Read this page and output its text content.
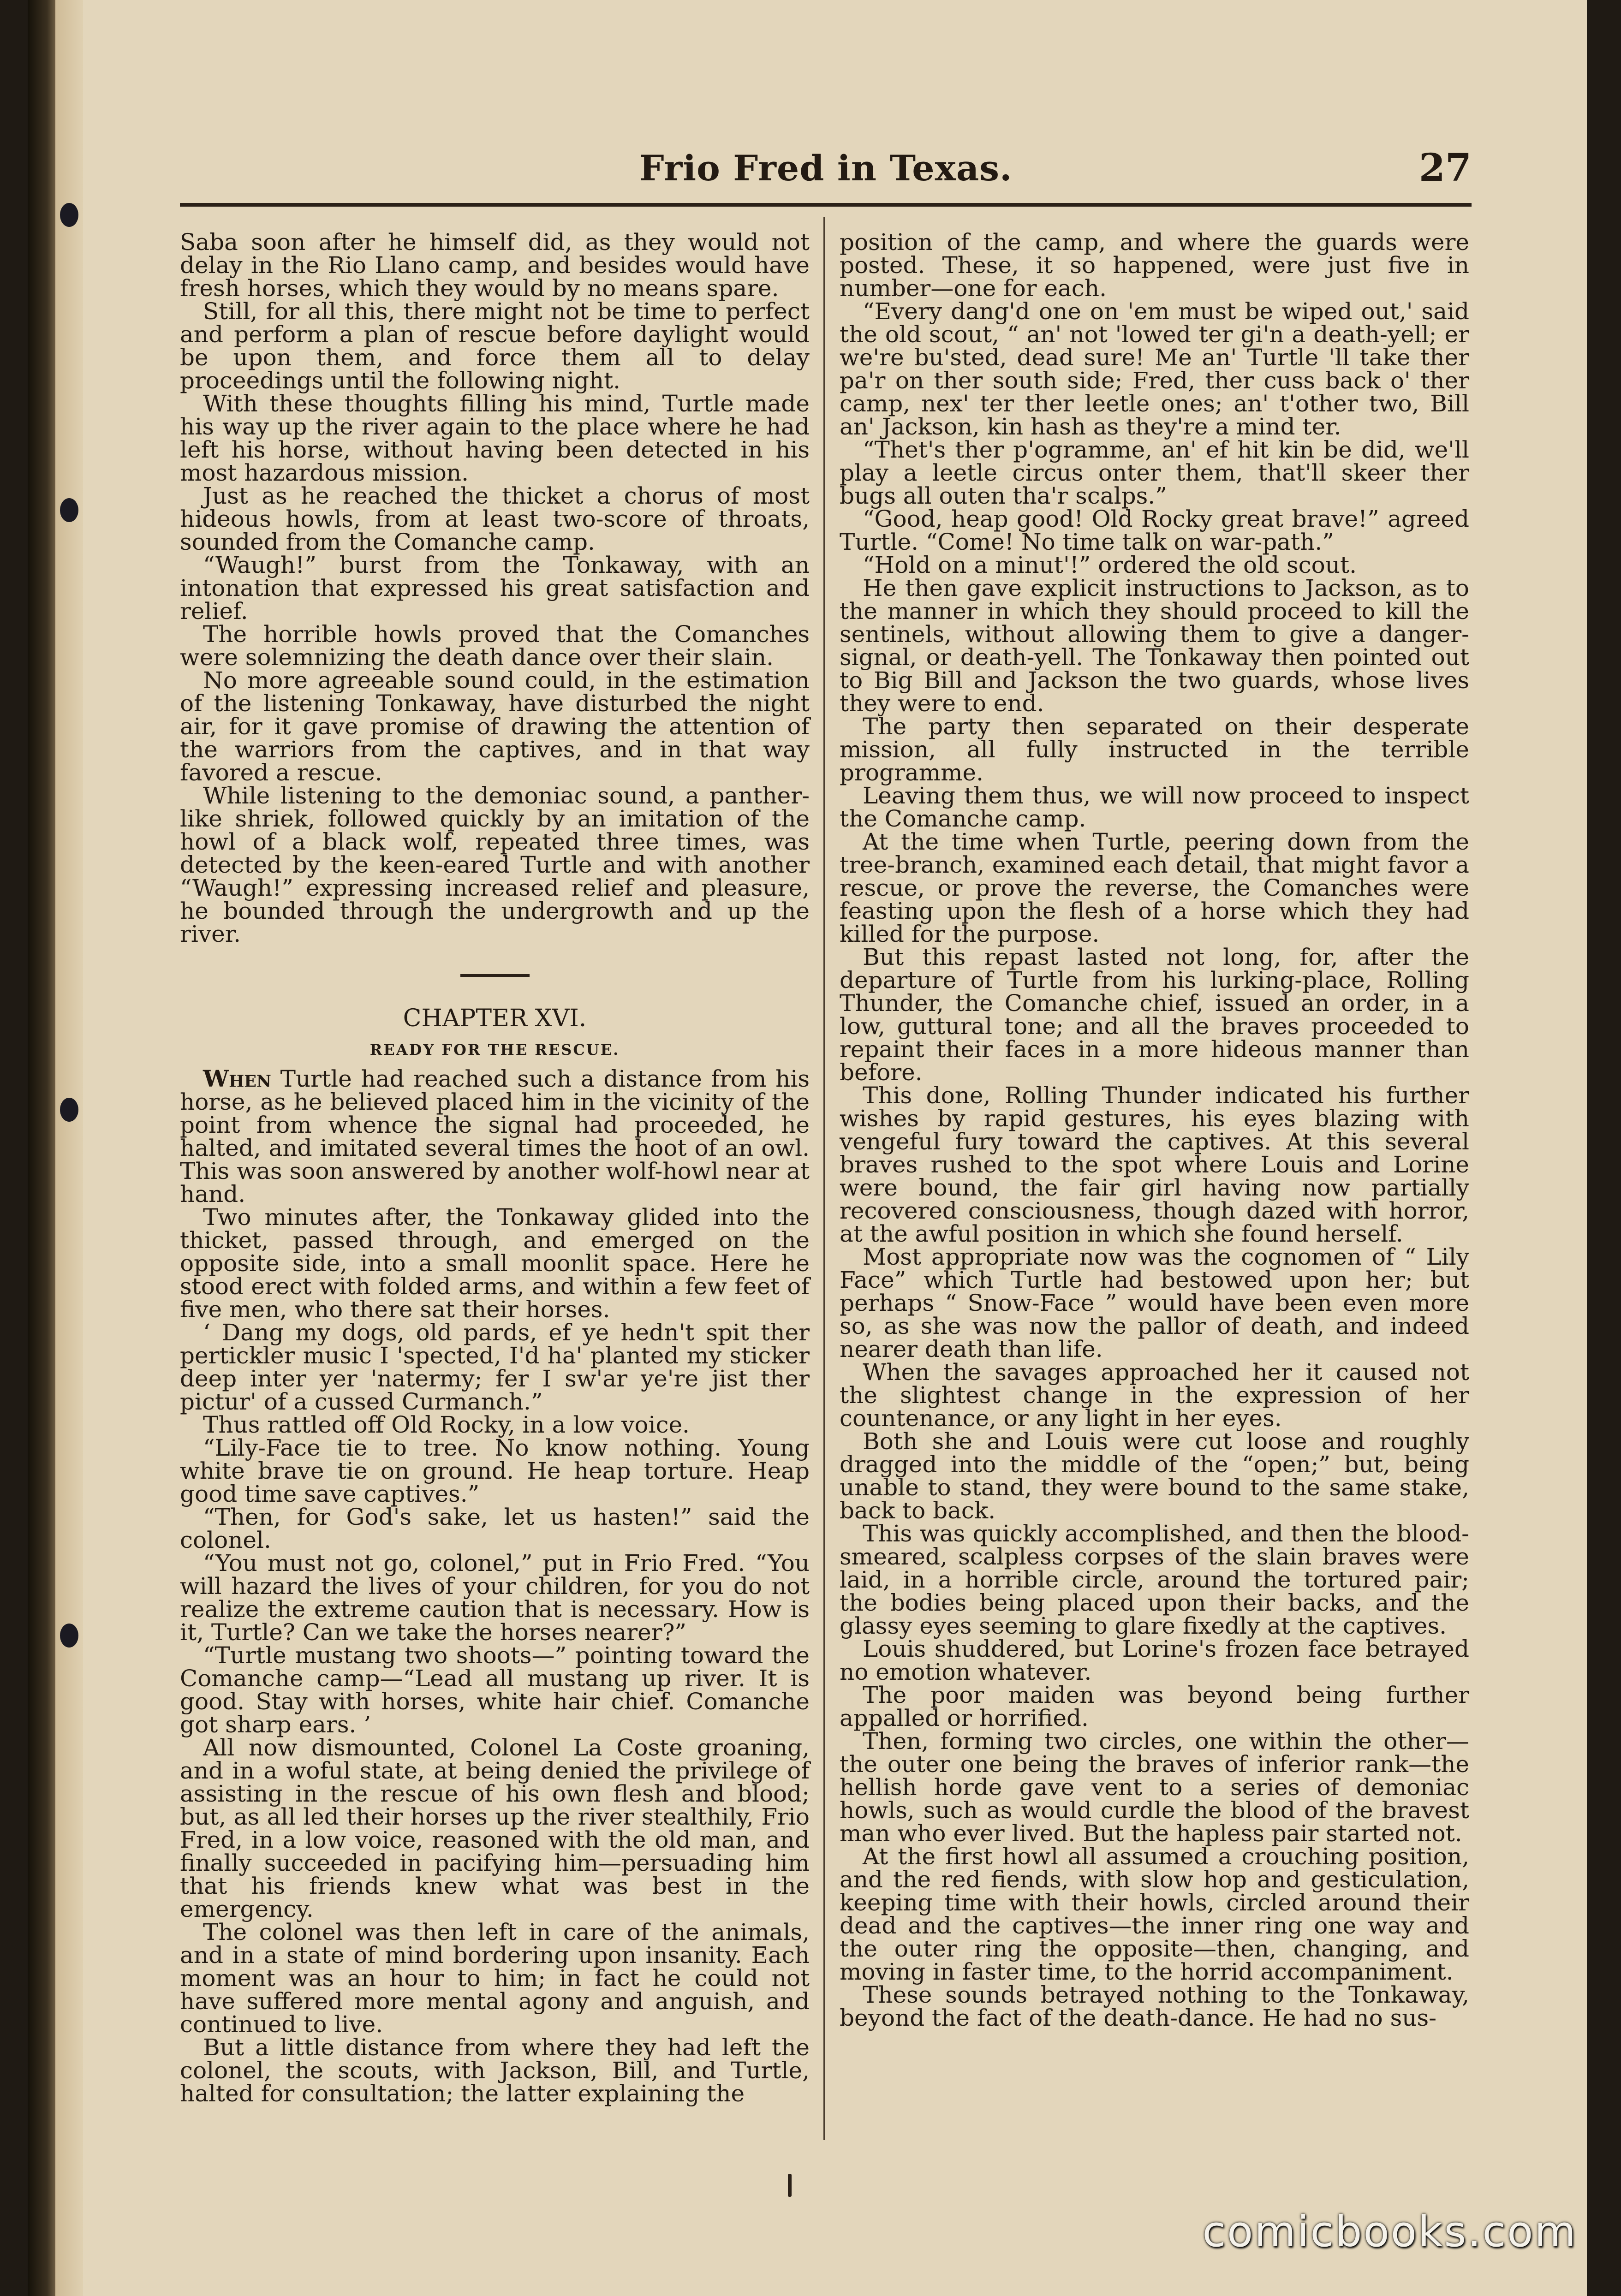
Frio Fred in Texas.	27

Saba soon after he himself did, as they would not delay in the Rio Llano camp, and besides would have fresh horses, which they would by no means spare.

Still, for all this, there might not be time to perfect and perform a plan of rescue before daylight would be upon them, and force them all to delay proceedings until the following night.

With these thoughts filling his mind, Turtle made his way up the river again to the place where he had left his horse, without having been detected in his most hazardous mission.

Just as he reached the thicket a chorus of most hideous howls, from at least two-score of throats, sounded from the Comanche camp.

“Waugh!” burst from the Tonkaway, with an intonation that expressed his great satisfaction and relief.

The horrible howls proved that the Comanches were solemnizing the death dance over their slain.

No more agreeable sound could, in the estimation of the listening Tonkaway, have disturbed the night air, for it gave promise of drawing the attention of the warriors from the captives, and in that way favored a rescue.

While listening to the demoniac sound, a panther-like shriek, followed quickly by an imitation of the howl of a black wolf, repeated three times, was detected by the keen-eared Turtle and with another “Waugh!” expressing increased relief and pleasure, he bounded through the undergrowth and up the river.

CHAPTER XVI.
READY FOR THE RESCUE.

When Turtle had reached such a distance from his horse, as he believed placed him in the vicinity of the point from whence the signal had proceeded, he halted, and imitated several times the hoot of an owl. This was soon answered by another wolf-howl near at hand.

Two minutes after, the Tonkaway glided into the thicket, passed through, and emerged on the opposite side, into a small moonlit space. Here he stood erect with folded arms, and within a few feet of five men, who there sat their horses.

‘ Dang my dogs, old pards, ef ye hedn't spit ther pertickler music I 'spected, I'd ha' planted my sticker deep inter yer 'natermy; fer I sw'ar ye're jist ther pictur' of a cussed Curmanch.”

Thus rattled off Old Rocky, in a low voice.

“Lily-Face tie to tree. No know nothing. Young white brave tie on ground. He heap torture. Heap good time save captives.”

“Then, for God's sake, let us hasten!” said the colonel.

“You must not go, colonel,” put in Frio Fred. “You will hazard the lives of your children, for you do not realize the extreme caution that is necessary. How is it, Turtle? Can we take the horses nearer?”

“Turtle mustang two shoots—” pointing toward the Comanche camp—“Lead all mustang up river. It is good. Stay with horses, white hair chief. Comanche got sharp ears. ’

All now dismounted, Colonel La Coste groaning, and in a woful state, at being denied the privilege of assisting in the rescue of his own flesh and blood; but, as all led their horses up the river stealthily, Frio Fred, in a low voice, reasoned with the old man, and finally succeeded in pacifying him—persuading him that his friends knew what was best in the emergency.

The colonel was then left in care of the animals, and in a state of mind bordering upon insanity. Each moment was an hour to him; in fact he could not have suffered more mental agony and anguish, and continued to live.

But a little distance from where they had left the colonel, the scouts, with Jackson, Bill, and Turtle, halted for consultation; the latter explaining the

position of the camp, and where the guards were posted. These, it so happened, were just five in number—one for each.

“Every dang'd one on 'em must be wiped out,' said the old scout, “ an' not 'lowed ter gi'n a death-yell; er we're bu'sted, dead sure! Me an' Turtle 'll take ther pa'r on ther south side; Fred, ther cuss back o' ther camp, nex' ter ther leetle ones; an' t'other two, Bill an' Jackson, kin hash as they're a mind ter.

“Thet's ther p'ogramme, an' ef hit kin be did, we'll play a leetle circus onter them, that'll skeer ther bugs all outen tha'r scalps.”

“Good, heap good! Old Rocky great brave!” agreed Turtle. “Come! No time talk on war-path.”

“Hold on a minut'!” ordered the old scout.

He then gave explicit instructions to Jackson, as to the manner in which they should proceed to kill the sentinels, without allowing them to give a danger-signal, or death-yell. The Tonkaway then pointed out to Big Bill and Jackson the two guards, whose lives they were to end.

The party then separated on their desperate mission, all fully instructed in the terrible programme.

Leaving them thus, we will now proceed to inspect the Comanche camp.

At the time when Turtle, peering down from the tree-branch, examined each detail, that might favor a rescue, or prove the reverse, the Comanches were feasting upon the flesh of a horse which they had killed for the purpose.

But this repast lasted not long, for, after the departure of Turtle from his lurking-place, Rolling Thunder, the Comanche chief, issued an order, in a low, guttural tone; and all the braves proceeded to repaint their faces in a more hideous manner than before.

This done, Rolling Thunder indicated his further wishes by rapid gestures, his eyes blazing with vengeful fury toward the captives. At this several braves rushed to the spot where Louis and Lorine were bound, the fair girl having now partially recovered consciousness, though dazed with horror, at the awful position in which she found herself.

Most appropriate now was the cognomen of “ Lily Face” which Turtle had bestowed upon her; but perhaps “ Snow-Face ” would have been even more so, as she was now the pallor of death, and indeed nearer death than life.

When the savages approached her it caused not the slightest change in the expression of her countenance, or any light in her eyes.

Both she and Louis were cut loose and roughly dragged into the middle of the “open;” but, being unable to stand, they were bound to the same stake, back to back.

This was quickly accomplished, and then the blood-smeared, scalpless corpses of the slain braves were laid, in a horrible circle, around the tortured pair; the bodies being placed upon their backs, and the glassy eyes seeming to glare fixedly at the captives.

Louis shuddered, but Lorine's frozen face betrayed no emotion whatever.

The poor maiden was beyond being further appalled or horrified.

Then, forming two circles, one within the other—the outer one being the braves of inferior rank—the hellish horde gave vent to a series of demoniac howls, such as would curdle the blood of the bravest man who ever lived. But the hapless pair started not.

At the first howl all assumed a crouching position, and the red fiends, with slow hop and gesticulation, keeping time with their howls, circled around their dead and the captives—the inner ring one way and the outer ring the opposite—then, changing, and moving in faster time, to the horrid accompaniment.

These sounds betrayed nothing to the Tonkaway, beyond the fact of the death-dance. He had no sus-

comicbooks.com
